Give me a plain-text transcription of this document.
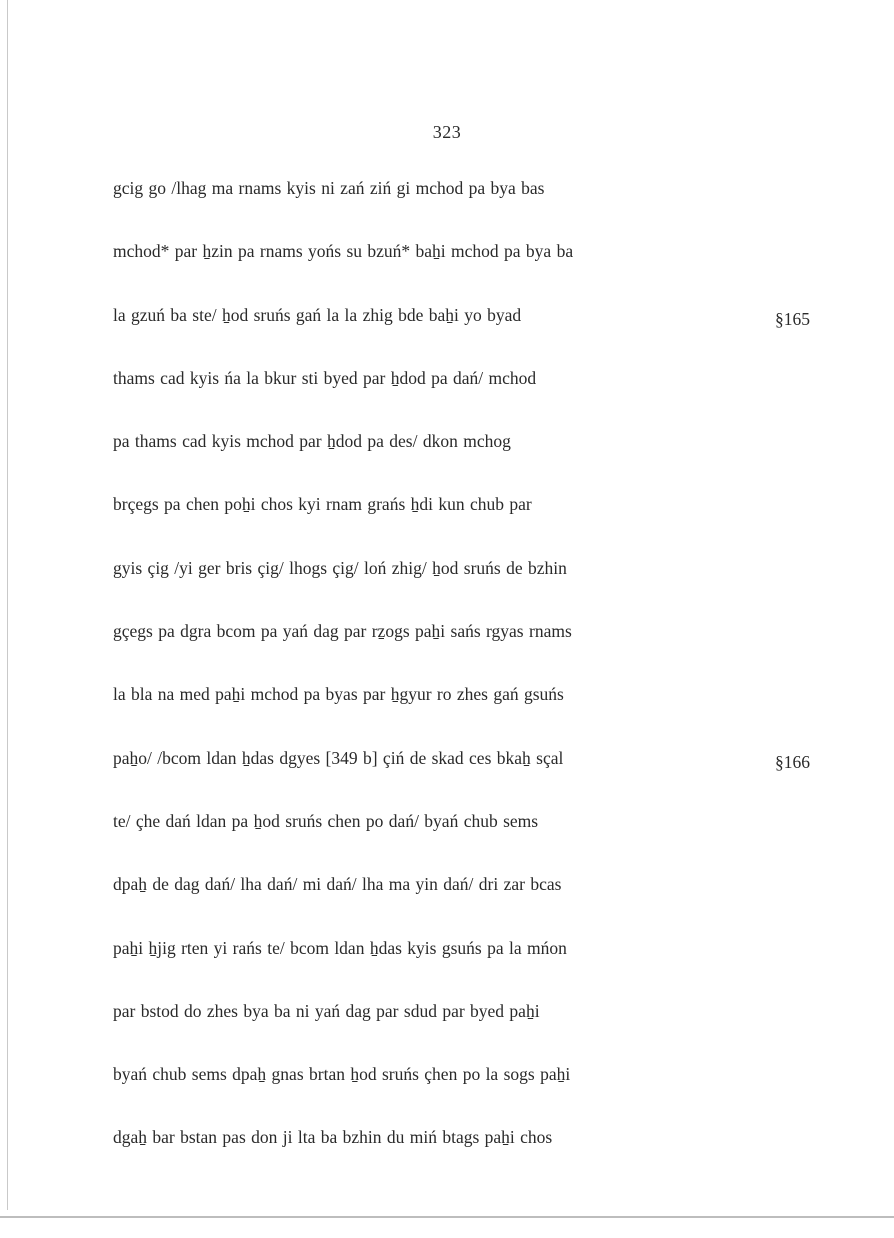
323
gcig go /lhag ma rnams kyis ni zań ziń gi mchod pa bya bas
mchod* par ẖzin pa rnams yońs su bzuń* baẖi mchod pa bya ba
la gzuń ba ste/ ẖod sruńs gań la la zhig bde baẖi yo byad
thams cad kyis ńa la bkur sti byed par ẖdod pa dań/ mchod
pa thams cad kyis mchod par ẖdod pa des/ dkon mchog
brçegs pa chen poẖi chos kyi rnam grańs ẖdi kun chub par
gyis çig /yi ger bris çig/ lhogs çig/ loń zhig/ ẖod sruńs de bzhin
gçegs pa dgra bcom pa yań dag par rẕogs paẖi sańs rgyas rnams
la bla na med paẖi mchod pa byas par ẖgyur ro zhes gań gsuńs
paẖo/ /bcom ldan ẖdas dgyes [349 b] çiń de skad ces bkaẖ sçal
te/ çhe dań ldan pa ẖod sruńs chen po dań/ byań chub sems
dpaẖ de dag dań/ lha dań/ mi dań/ lha ma yin dań/ dri zar bcas
paẖi ẖjig rten yi rańs te/ bcom ldan ẖdas kyis gsuńs pa la mńon
par bstod do zhes bya ba ni yań dag par sdud par byed paẖi
byań chub sems dpaẖ gnas brtan ẖod sruńs çhen po la sogs paẖi
dgaẖ bar bstan pas don ji lta ba bzhin du miń btags paẖi chos
§165
§166
